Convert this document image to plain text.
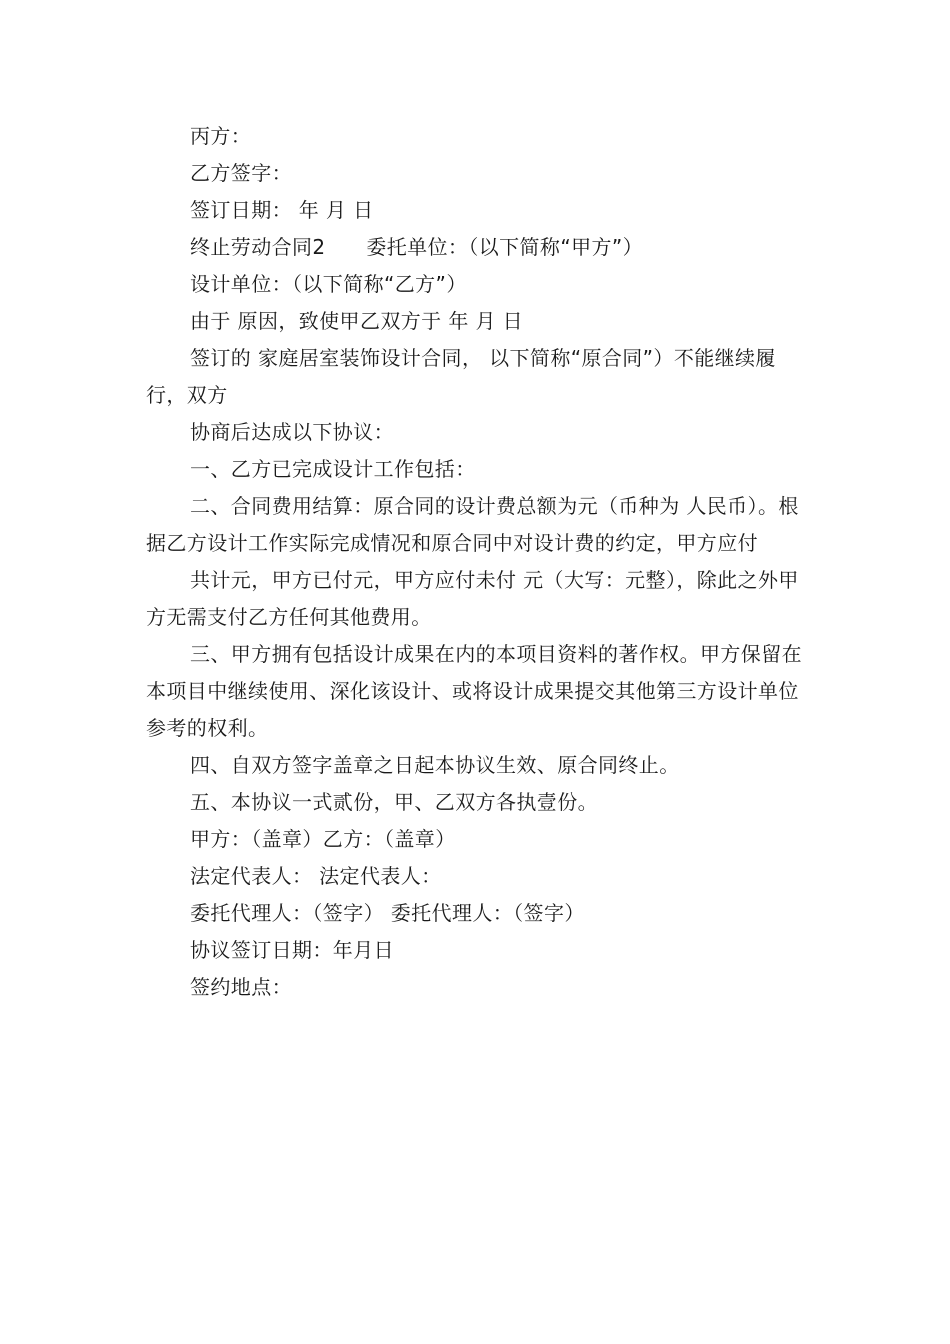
丙方：

乙方签字：

签订日期： 年 月 日

终止劳动合同2　　委托单位：（以下简称“甲方”）

设计单位：（以下简称“乙方”）

由于 原因，致使甲乙双方于 年 月 日

签订的 家庭居室装饰设计合同， 以下简称“原合同”）不能继续履行，双方

协商后达成以下协议：

一、乙方已完成设计工作包括：

二、合同费用结算：原合同的设计费总额为元（币种为 人民币）。根据乙方设计工作实际完成情况和原合同中对设计费的约定，甲方应付

共计元，甲方已付元，甲方应付未付 元（大写：元整），除此之外甲方无需支付乙方任何其他费用。

三、甲方拥有包括设计成果在内的本项目资料的著作权。甲方保留在本项目中继续使用、深化该设计、或将设计成果提交其他第三方设计单位参考的权利。

四、自双方签字盖章之日起本协议生效、原合同终止。

五、本协议一式贰份，甲、乙双方各执壹份。

甲方：（盖章）乙方：（盖章）

法定代表人： 法定代表人：

委托代理人：（签字） 委托代理人：（签字）

协议签订日期：年月日

签约地点：
